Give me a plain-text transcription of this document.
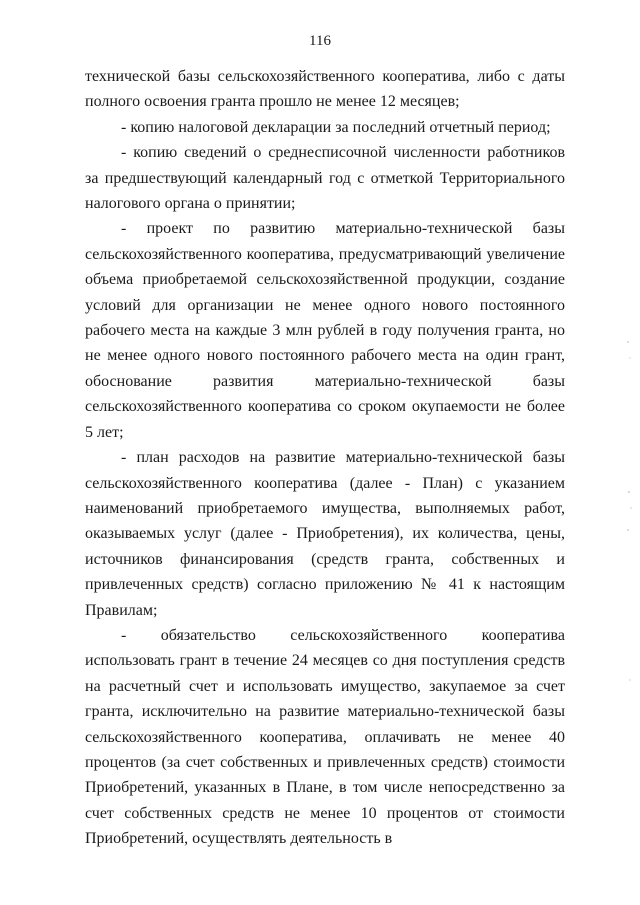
116

технической базы сельскохозяйственного кооператива, либо с даты полного освоения гранта прошло не менее 12 месяцев;

- копию налоговой декларации за последний отчетный период;

- копию сведений о среднесписочной численности работников за предшествующий календарный год с отметкой Территориального налогового органа о принятии;

- проект по развитию материально-технической базы сельскохозяйственного кооператива, предусматривающий увеличение объема приобретаемой сельскохозяйственной продукции, создание условий для организации не менее одного нового постоянного рабочего места на каждые 3 млн рублей в году получения гранта, но не менее одного нового постоянного рабочего места на один грант, обоснование развития материально-технической базы сельскохозяйственного кооператива со сроком окупаемости не более 5 лет;

- план расходов на развитие материально-технической базы сельскохозяйственного кооператива (далее - План) с указанием наименований приобретаемого имущества, выполняемых работ, оказываемых услуг (далее - Приобретения), их количества, цены, источников финансирования (средств гранта, собственных и привлеченных средств) согласно приложению № 41 к настоящим Правилам;

- обязательство сельскохозяйственного кооператива использовать грант в течение 24 месяцев со дня поступления средств на расчетный счет и использовать имущество, закупаемое за счет гранта, исключительно на развитие материально-технической базы сельскохозяйственного кооператива, оплачивать не менее 40 процентов (за счет собственных и привлеченных средств) стоимости Приобретений, указанных в Плане, в том числе непосредственно за счет собственных средств не менее 10 процентов от стоимости Приобретений, осуществлять деятельность в
